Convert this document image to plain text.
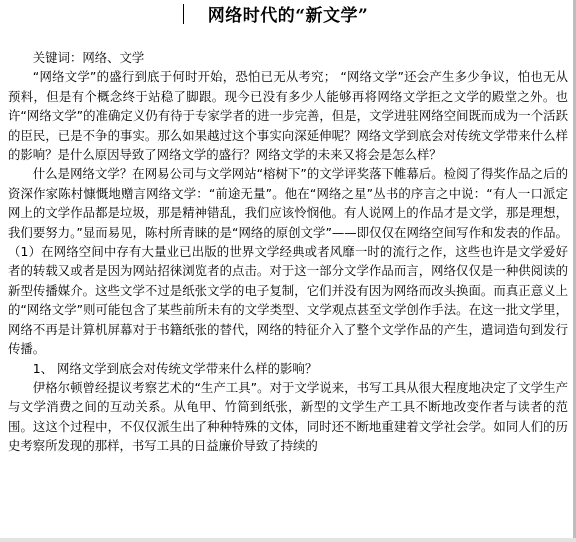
网络时代的“新文学”

关键词：网络、文学

“网络文学”的盛行到底于何时开始，恐怕已无从考究； “网络文学”还会产生多少争议，怕也无从预料，但是有个概念终于站稳了脚跟。现今已没有多少人能够再将网络文学拒之文学的殿堂之外。也许“网络文学”的准确定义仍有待于专家学者的进一步完善，但是，文学进驻网络空间既而成为一个活跃的臣民，已是不争的事实。那么如果越过这个事实向深延伸呢？网络文学到底会对传统文学带来什么样的影响？是什么原因导致了网络文学的盛行？网络文学的未来又将会是怎么样？

什么是网络文学？在网易公司与文学网站“榕树下”的文学评奖落下帷幕后。检阅了得奖作品之后的资深作家陈村慷慨地赠言网络文学：“前途无量”。他在“网络之星”丛书的序言之中说：“有人一口派定网上的文学作品都是垃圾，那是精神错乱，我们应该怜悯他。有人说网上的作品才是文学，那是理想，我们要努力。”显而易见，陈村所青睐的是“网络的原创文学”——即仅仅在网络空间写作和发表的作品。（1）在网络空间中存有大量业已出版的世界文学经典或者风靡一时的流行之作，这些也许是文学爱好者的转载又或者是因为网站招徕浏览者的点击。对于这一部分文学作品而言，网络仅仅是一种供阅读的新型传播媒介。这些文学不过是纸张文学的电子复制，它们并没有因为网络而改头换面。而真正意义上的“网络文学”则可能包含了某些前所未有的文学类型、文学观点甚至文学创作手法。在这一批文学里，网络不再是计算机屏幕对于书籍纸张的替代，网络的特征介入了整个文学作品的产生，遣词造句到发行传播。

1、 网络文学到底会对传统文学带来什么样的影响？

伊格尔顿曾经提议考察艺术的“生产工具”。对于文学说来，书写工具从很大程度地决定了文学生产与文学消费之间的互动关系。从龟甲、竹简到纸张，新型的文学生产工具不断地改变作者与读者的范围。这这个过程中，不仅仅派生出了种种特殊的文体，同时还不断地重建着文学社会学。如同人们的历史考察所发现的那样，书写工具的日益廉价导致了持续的
